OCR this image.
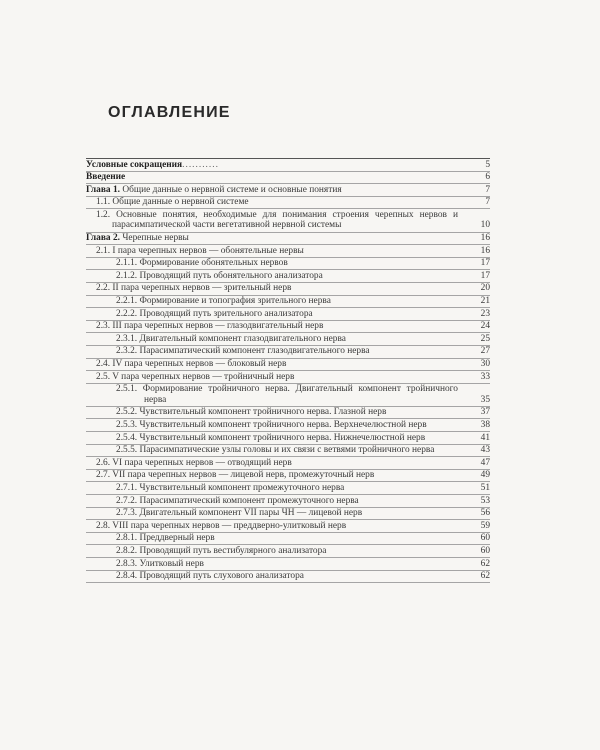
ОГЛАВЛЕНИЕ
Условные сокращения...........	5
Введение	6
Глава 1. Общие данные о нервной системе и основные понятия	7
1.1. Общие данные о нервной системе	7
1.2. Основные понятия, необходимые для понимания строения черепных нервов и парасимпатической части вегетативной нервной системы	10
Глава 2. Черепные нервы	16
2.1. I пара черепных нервов — обонятельные нервы	16
2.1.1. Формирование обонятельных нервов	17
2.1.2. Проводящий путь обонятельного анализатора	17
2.2. II пара черепных нервов — зрительный нерв	20
2.2.1. Формирование и топография зрительного нерва	21
2.2.2. Проводящий путь зрительного анализатора	23
2.3. III пара черепных нервов — глазодвигательный нерв	24
2.3.1. Двигательный компонент глазодвигательного нерва	25
2.3.2. Парасимпатический компонент глазодвигательного нерва	27
2.4. IV пара черепных нервов — блоковый нерв	30
2.5. V пара черепных нервов — тройничный нерв	33
2.5.1. Формирование тройничного нерва. Двигательный компонент тройничного нерва	35
2.5.2. Чувствительный компонент тройничного нерва. Глазной нерв	37
2.5.3. Чувствительный компонент тройничного нерва. Верхнечелюстной нерв	38
2.5.4. Чувствительный компонент тройничного нерва. Нижнечелюстной нерв	41
2.5.5. Парасимпатические узлы головы и их связи с ветвями тройничного нерва	43
2.6. VI пара черепных нервов — отводящий нерв	47
2.7. VII пара черепных нервов — лицевой нерв, промежуточный нерв	49
2.7.1. Чувствительный компонент промежуточного нерва	51
2.7.2. Парасимпатический компонент промежуточного нерва	53
2.7.3. Двигательный компонент VII пары ЧН — лицевой нерв	56
2.8. VIII пара черепных нервов — преддверно-улитковый нерв	59
2.8.1. Преддверный нерв	60
2.8.2. Проводящий путь вестибулярного анализатора	60
2.8.3. Улитковый нерв	62
2.8.4. Проводящий путь слухового анализатора	62
